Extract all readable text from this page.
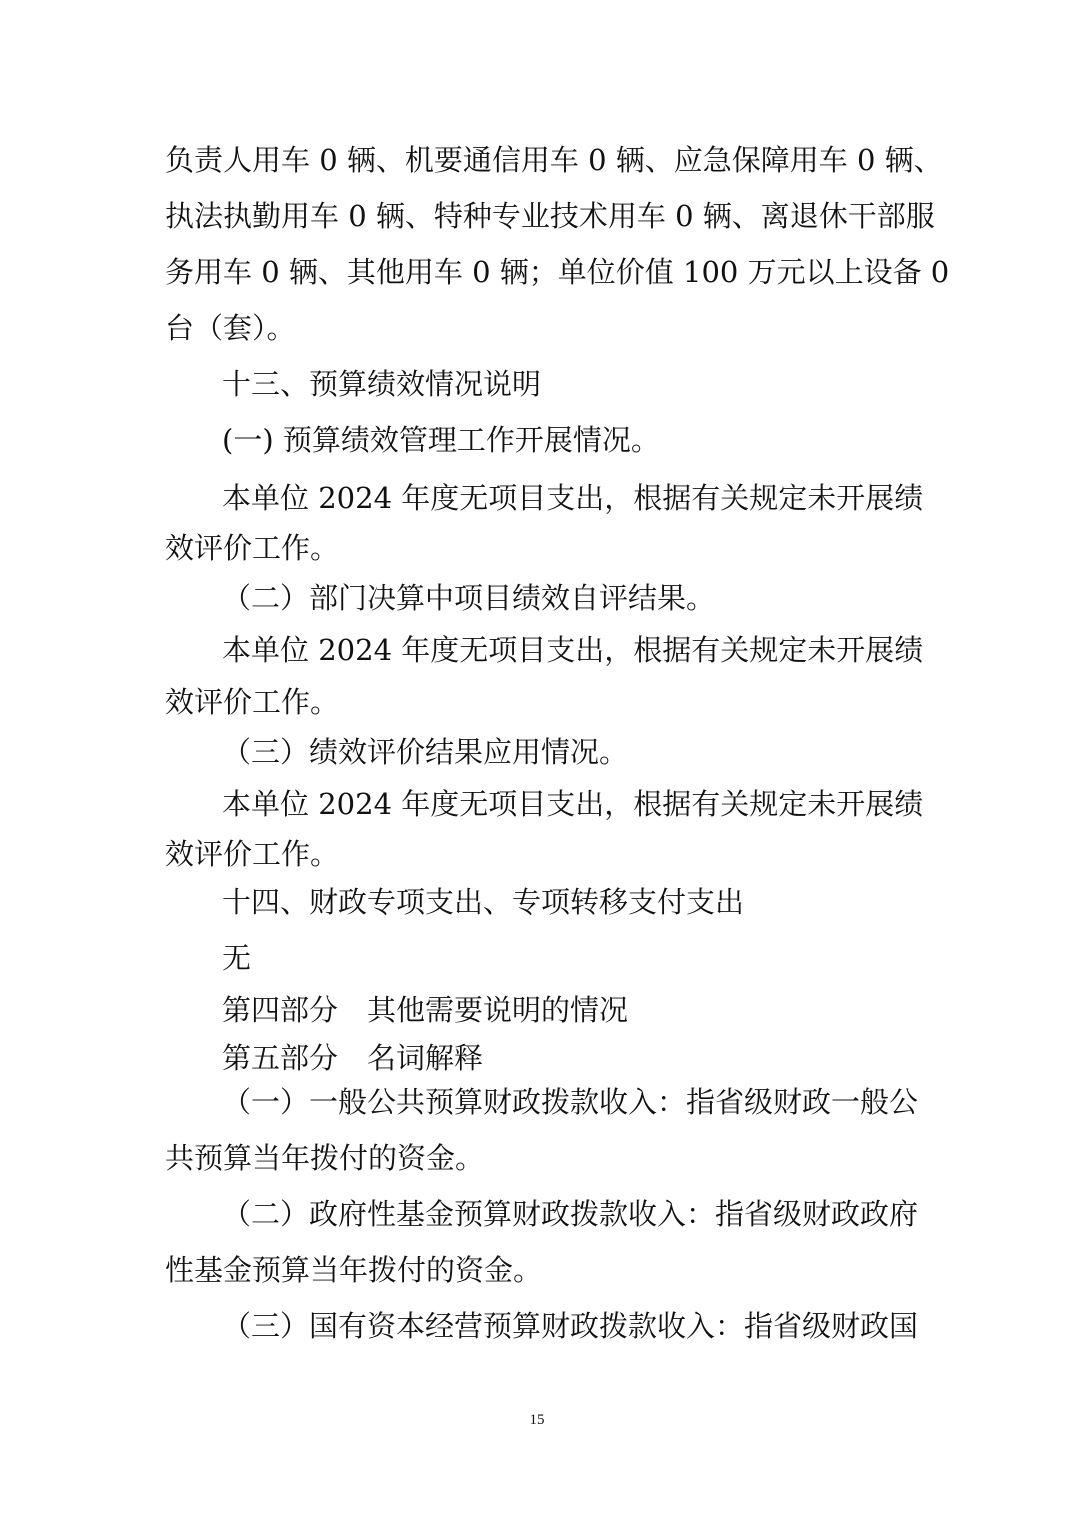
负责人用车 0 辆、机要通信用车 0 辆、应急保障用车 0 辆、
执法执勤用车 0 辆、特种专业技术用车 0 辆、离退休干部服
务用车 0 辆、其他用车 0 辆；单位价值 100 万元以上设备 0
台（套）。
十三、预算绩效情况说明
(一) 预算绩效管理工作开展情况。
本单位 2024 年度无项目支出，根据有关规定未开展绩
效评价工作。
（二）部门决算中项目绩效自评结果。
本单位 2024 年度无项目支出，根据有关规定未开展绩
效评价工作。
（三）绩效评价结果应用情况。
本单位 2024 年度无项目支出，根据有关规定未开展绩
效评价工作。
十四、财政专项支出、专项转移支付支出
无
第四部分　其他需要说明的情况
第五部分　名词解释
（一）一般公共预算财政拨款收入：指省级财政一般公
共预算当年拨付的资金。
（二）政府性基金预算财政拨款收入：指省级财政政府
性基金预算当年拨付的资金。
（三）国有资本经营预算财政拨款收入：指省级财政国
15
